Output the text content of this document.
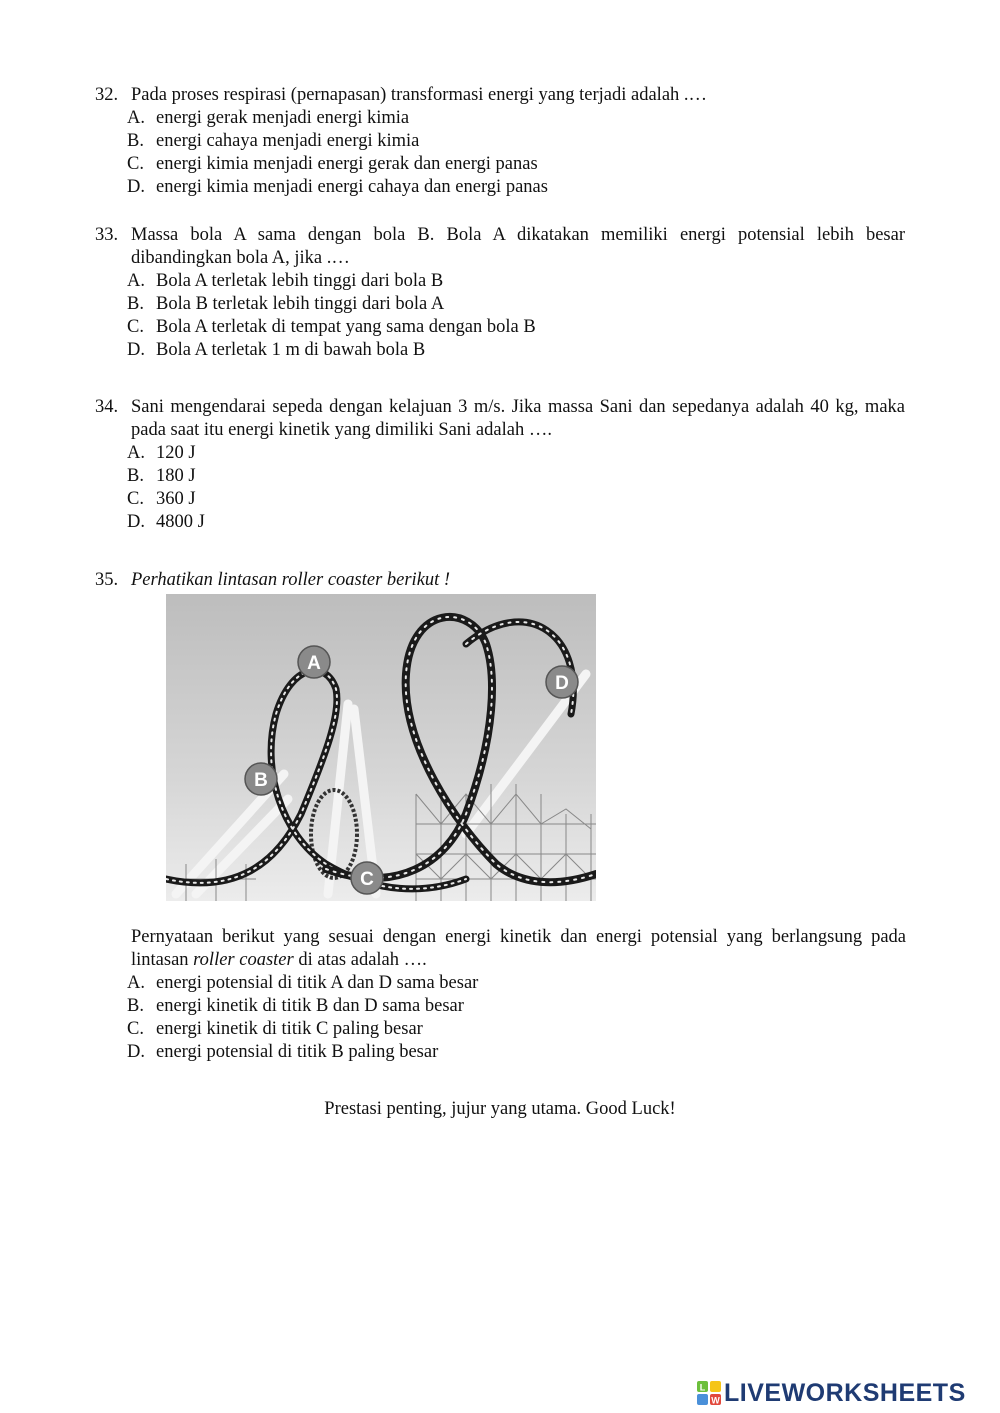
32. Pada proses respirasi (pernapasan) transformasi energi yang terjadi adalah .…
A. energi gerak menjadi energi kimia
B. energi cahaya menjadi energi kimia
C. energi kimia menjadi energi gerak dan energi panas
D. energi kimia menjadi energi cahaya dan energi panas
33. Massa bola A sama dengan bola B. Bola A dikatakan memiliki energi potensial lebih besar dibandingkan bola A, jika .…
A. Bola A terletak lebih tinggi dari bola B
B. Bola B terletak lebih tinggi dari bola A
C. Bola A terletak di tempat yang sama dengan bola B
D. Bola A terletak 1 m di bawah bola B
34. Sani mengendarai sepeda dengan kelajuan 3 m/s. Jika massa Sani dan sepedanya adalah 40 kg, maka pada saat itu energi kinetik yang dimiliki Sani adalah ….
A. 120 J
B. 180 J
C. 360 J
D. 4800 J
35. Perhatikan lintasan roller coaster berikut !
A
B
C
D
Pernyataan berikut yang sesuai dengan energi kinetik dan energi potensial yang berlangsung pada lintasan roller coaster di atas adalah ….
A. energi potensial di titik A dan D sama besar
B. energi kinetik di titik B dan D sama besar
C. energi kinetik di titik C paling besar
D. energi potensial di titik B paling besar
Prestasi penting, jujur yang utama. Good Luck!
L
W LIVEWORKSHEETS
